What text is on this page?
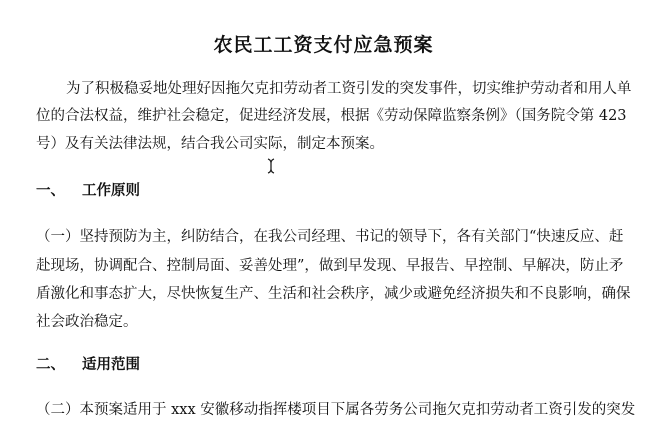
农民工工资支付应急预案
为了积极稳妥地处理好因拖欠克扣劳动者工资引发的突发事件，切实维护劳动者和用人单
位的合法权益，维护社会稳定，促进经济发展，根据《劳动保障监察条例》（国务院令第 423
号）及有关法律法规，结合我公司实际，制定本预案。
一、 工作原则
（一）坚持预防为主，纠防结合，在我公司经理、书记的领导下，各有关部门“快速反应、赶
赴现场，协调配合、控制局面、妥善处理”，做到早发现、早报告、早控制、早解决，防止矛
盾激化和事态扩大，尽快恢复生产、生活和社会秩序，减少或避免经济损失和不良影响，确保
社会政治稳定。
二、 适用范围
（二）本预案适用于 xxx 安徽移动指挥楼项目下属各劳务公司拖欠克扣劳动者工资引发的突发
